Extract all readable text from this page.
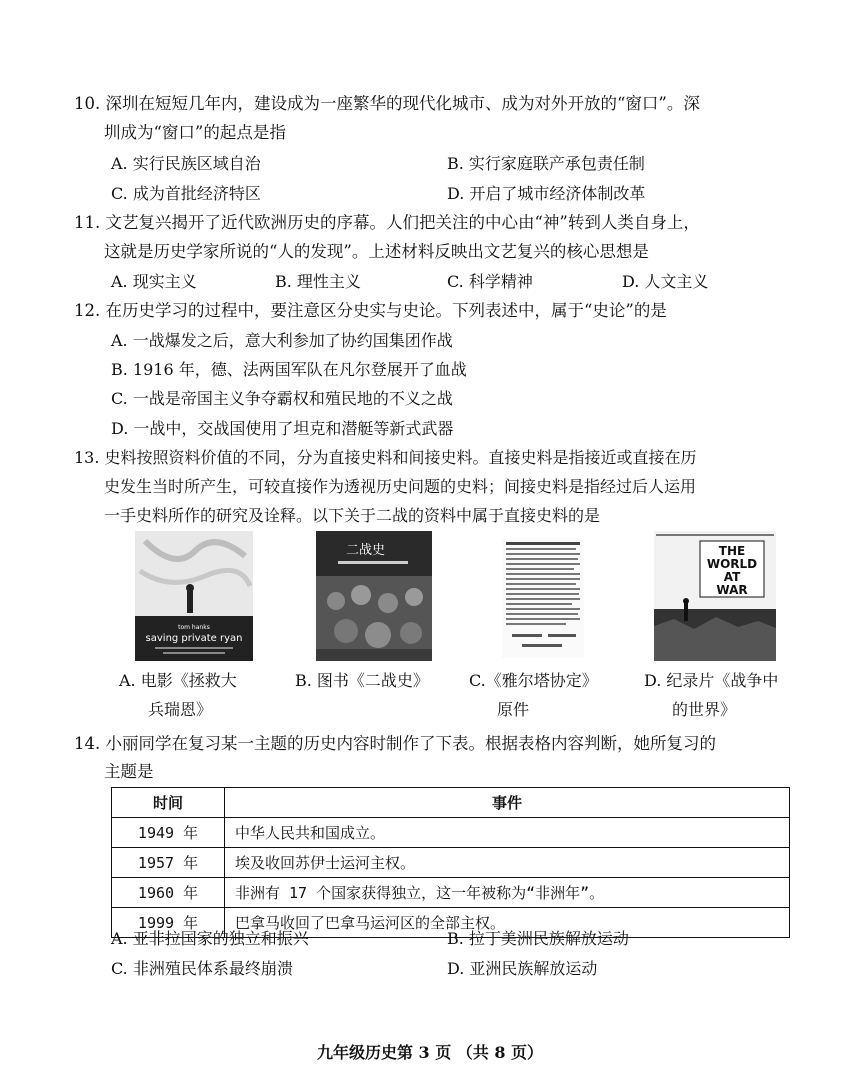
10. 深圳在短短几年内，建设成为一座繁华的现代化城市、成为对外开放的“窗口”。深
圳成为“窗口”的起点是指
A. 实行民族区域自治	B. 实行家庭联产承包责任制
C. 成为首批经济特区	D. 开启了城市经济体制改革
11. 文艺复兴揭开了近代欧洲历史的序幕。人们把关注的中心由“神”转到人类自身上，
这就是历史学家所说的“人的发现”。上述材料反映出文艺复兴的核心思想是
A. 现实主义	B. 理性主义	C. 科学精神	D. 人文主义
12. 在历史学习的过程中，要注意区分史实与史论。下列表述中，属于“史论”的是
A. 一战爆发之后，意大利参加了协约国集团作战
B. 1916 年，德、法两国军队在凡尔登展开了血战
C. 一战是帝国主义争夺霸权和殖民地的不义之战
D. 一战中，交战国使用了坦克和潜艇等新式武器
13. 史料按照资料价值的不同，分为直接史料和间接史料。直接史料是指接近或直接在历
史发生当时所产生，可较直接作为透视历史问题的史料；间接史料是指经过后人运用
一手史料所作的研究及诠释。以下关于二战的资料中属于直接史料的是
tom hanks
saving private ryan
二战史	THE
WORLD
AT
WAR
A. 电影《拯救大
兵瑞恩》
B. 图书《二战史》	C.《雅尔塔协定》
原件
D. 纪录片《战争中
的世界》
14. 小丽同学在复习某一主题的历史内容时制作了下表。根据表格内容判断，她所复习的
主题是
时间	事件
1949 年	中华人民共和国成立。
1957 年	埃及收回苏伊士运河主权。
1960 年	非洲有 17 个国家获得独立，这一年被称为“非洲年”。
1999 年	巴拿马收回了巴拿马运河区的全部主权。
A. 亚非拉国家的独立和振兴	B. 拉丁美洲民族解放运动
C. 非洲殖民体系最终崩溃	D. 亚洲民族解放运动
九年级历史第 3 页 （共 8 页）
